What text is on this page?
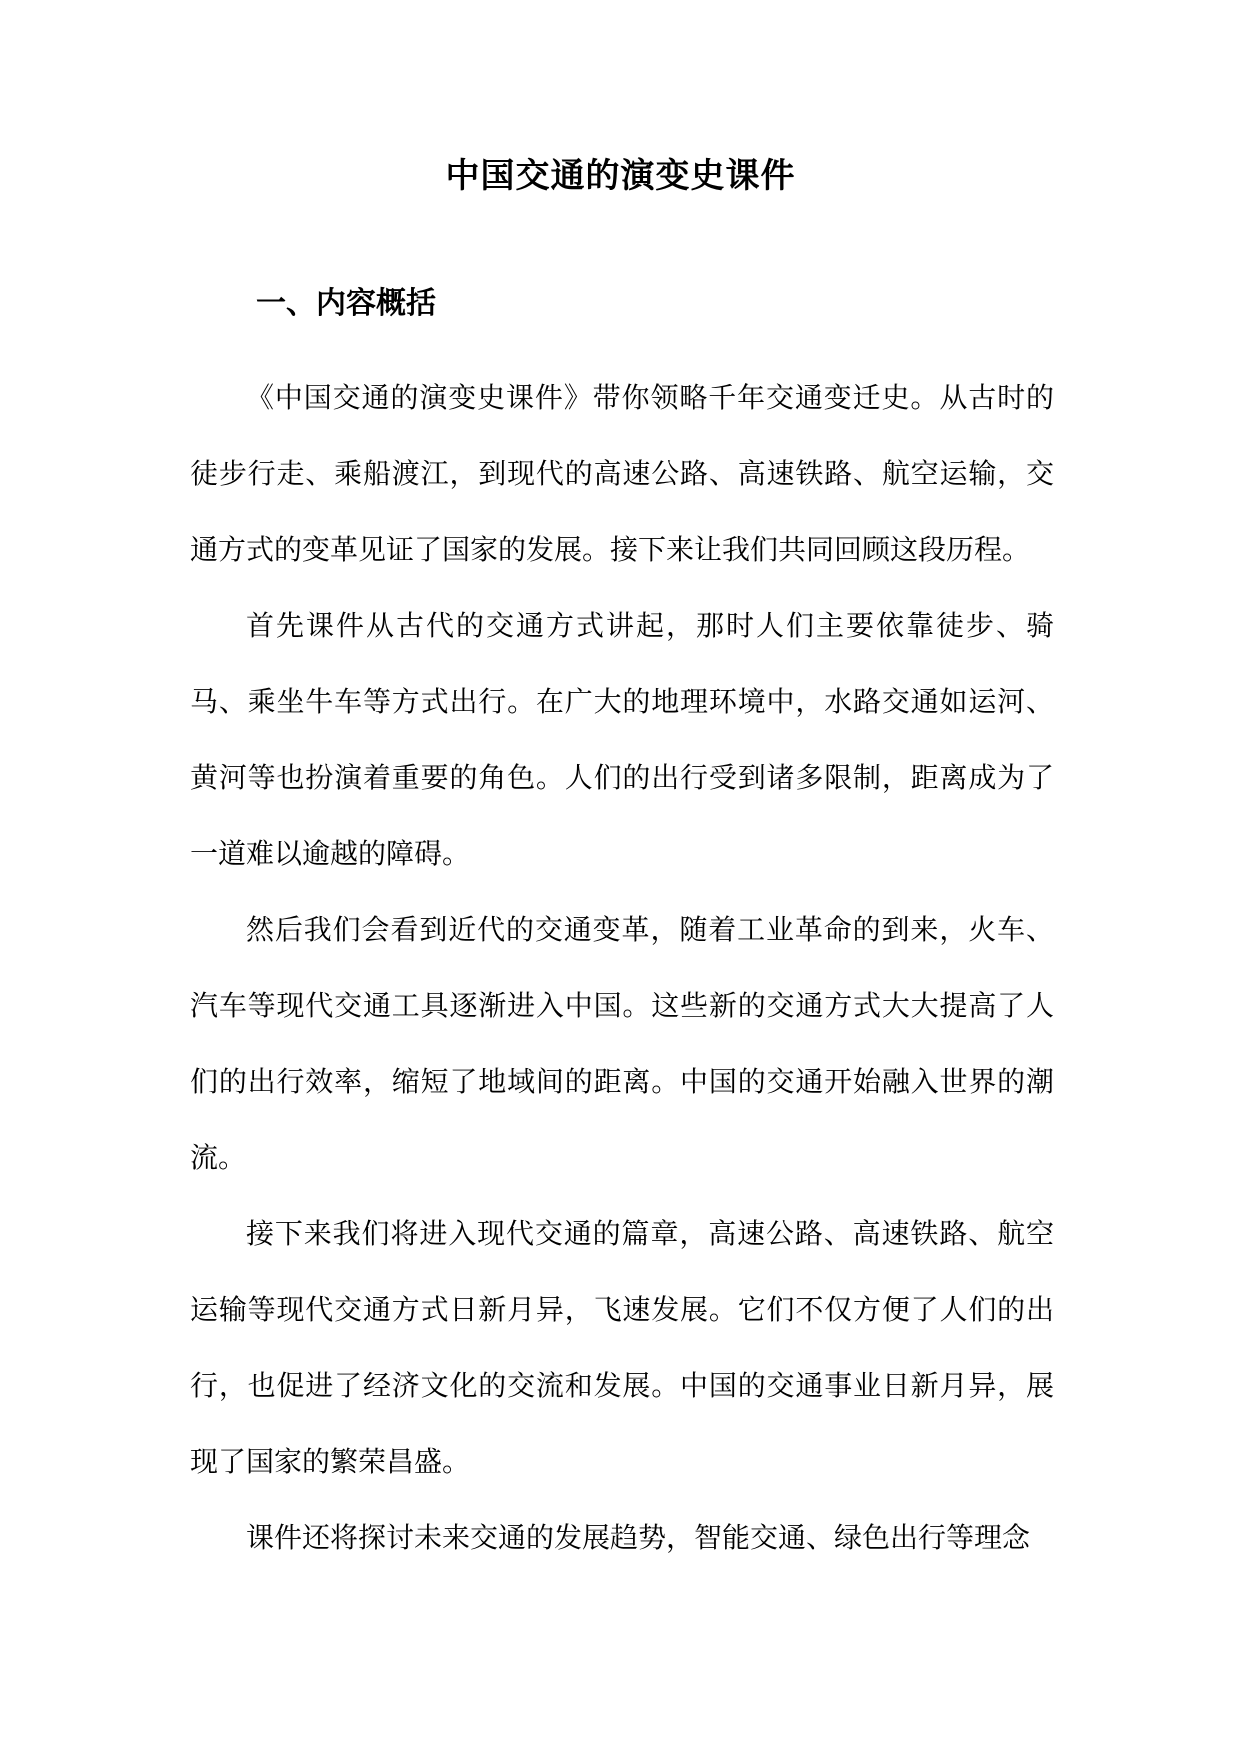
中国交通的演变史课件
一、内容概括

《中国交通的演变史课件》带你领略千年交通变迁史。从古时的徒步行走、乘船渡江，到现代的高速公路、高速铁路、航空运输，交通方式的变革见证了国家的发展。接下来让我们共同回顾这段历程。

首先课件从古代的交通方式讲起，那时人们主要依靠徒步、骑马、乘坐牛车等方式出行。在广大的地理环境中，水路交通如运河、黄河等也扮演着重要的角色。人们的出行受到诸多限制，距离成为了一道难以逾越的障碍。

然后我们会看到近代的交通变革，随着工业革命的到来，火车、汽车等现代交通工具逐渐进入中国。这些新的交通方式大大提高了人们的出行效率，缩短了地域间的距离。中国的交通开始融入世界的潮流。

接下来我们将进入现代交通的篇章，高速公路、高速铁路、航空运输等现代交通方式日新月异，飞速发展。它们不仅方便了人们的出行，也促进了经济文化的交流和发展。中国的交通事业日新月异，展现了国家的繁荣昌盛。

课件还将探讨未来交通的发展趋势，智能交通、绿色出行等理念
